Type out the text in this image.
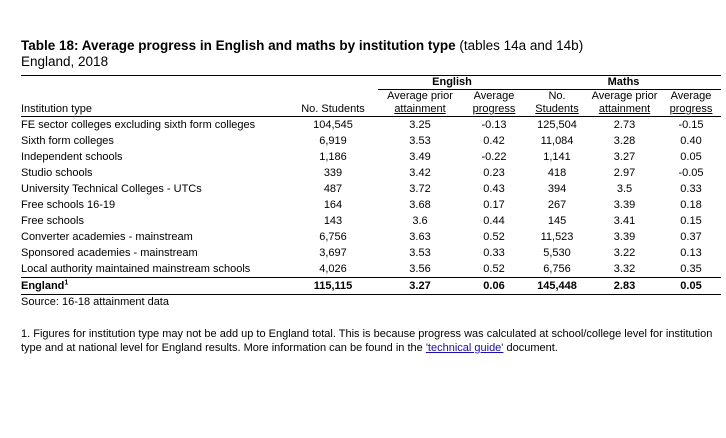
Table 18: Average progress in English and maths by institution type (tables 14a and 14b)

England, 2018

		English		Maths		
		Average prior	Average	No.	Average prior	Average
Institution type	No. Students	attainment	progress	Students	attainment	progress
FE sector colleges excluding sixth form colleges	104,545	3.25	-0.13	125,504	2.73	-0.15
Sixth form colleges	6,919	3.53	0.42	11,084	3.28	0.40
Independent schools	1,186	3.49	-0.22	1,141	3.27	0.05
Studio schools	339	3.42	0.23	418	2.97	-0.05
University Technical Colleges - UTCs	487	3.72	0.43	394	3.5	0.33
Free schools 16-19	164	3.68	0.17	267	3.39	0.18
Free schools	143	3.6	0.44	145	3.41	0.15
Converter academies - mainstream	6,756	3.63	0.52	11,523	3.39	0.37
Sponsored academies - mainstream	3,697	3.53	0.33	5,530	3.22	0.13
Local authority maintained mainstream schools	4,026	3.56	0.52	6,756	3.32	0.35
England$^1$	115,115	3.27	0.06	145,448	2.83	0.05

Source: 16-18 attainment data

1. Figures for institution type may not be add up to England total. This is because progress was calculated at school/college level for institution type and at national level for England results. More information can be found in the 'technical guide' document.
